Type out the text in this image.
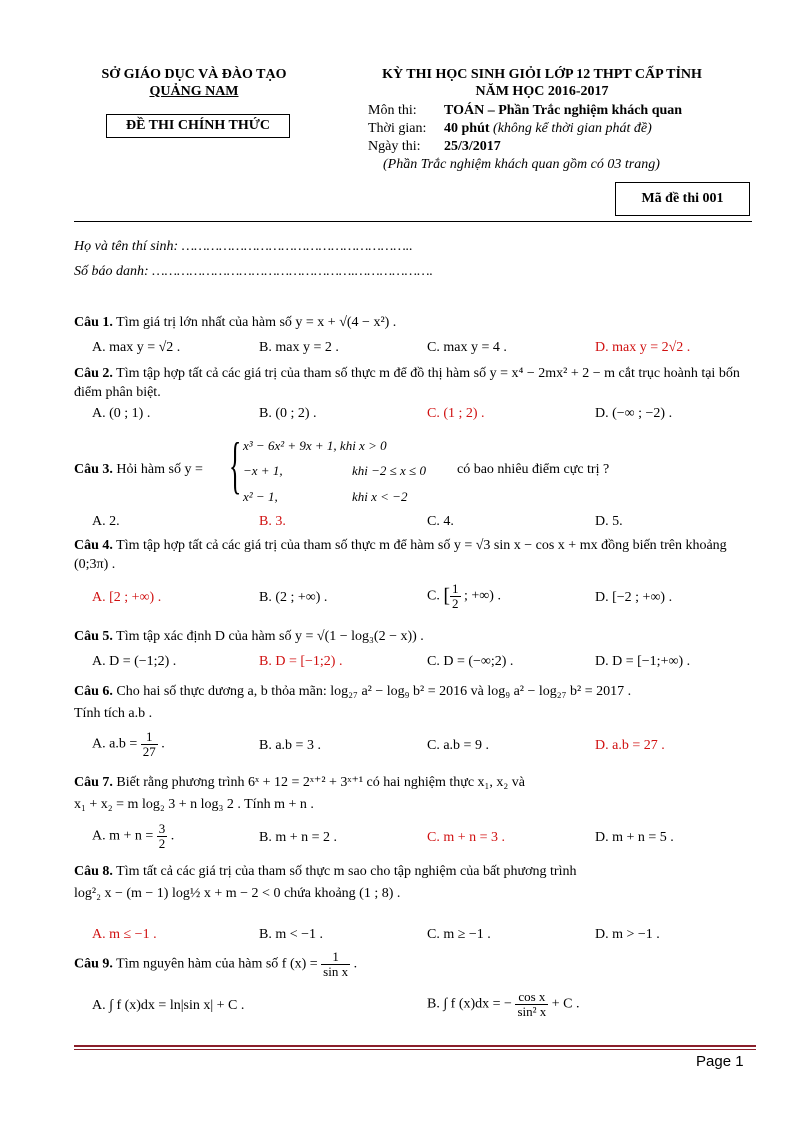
SỞ GIÁO DỤC VÀ ĐÀO TẠO
QUẢNG NAM
ĐỀ THI CHÍNH THỨC
KỲ THI HỌC SINH GIỎI LỚP 12 THPT CẤP TỈNH
NĂM HỌC 2016-2017
Môn thi: TOÁN – Phần Trắc nghiệm khách quan
Thời gian: 40 phút (không kể thời gian phát đề)
Ngày thi: 25/3/2017
(Phần Trắc nghiệm khách quan gồm có 03 trang)
Mã đề thi 001
Họ và tên thí sinh: ………………………………………………..
Số báo danh: ………………………………………….……………….
Câu 1. Tìm giá trị lớn nhất của hàm số y = x + √(4 − x²) .
A. max y = √2 .	B. max y = 2 .	C. max y = 4 .	D. max y = 2√2 .
Câu 2. Tìm tập hợp tất cả các giá trị của tham số thực m để đồ thị hàm số y = x⁴ − 2mx² + 2 − m cắt trục hoành tại bốn điểm phân biệt.
A. (0 ; 1) .	B. (0 ; 2) .	C. (1 ; 2) .	D. (−∞ ; −2) .
Câu 3. Hỏi hàm số y = { x³ − 6x² + 9x + 1, khi x > 0
−x + 1,	khi −2 ≤ x ≤ 0
x² − 1,	khi x < −2
có bao nhiêu điểm cực trị ?
A. 2.	B. 3.	C. 4.	D. 5.
Câu 4. Tìm tập hợp tất cả các giá trị của tham số thực m để hàm số y = √3 sin x − cos x + mx đồng biến trên khoảng (0;3π) .
A. [2 ; +∞) .	B. (2 ; +∞) .	C. [ $\frac{1}{2}$ ; +∞) .	D. [−2 ; +∞) .
Câu 5. Tìm tập xác định D của hàm số y = √(1 − log₃(2 − x)) .
A. D = (−1;2) .	B. D = [−1;2) .	C. D = (−∞;2) .	D. D = [−1;+∞) .
Câu 6. Cho hai số thực dương a, b thỏa mãn: log₂₇ a² − log₉ b² = 2016 và log₉ a² − log₂₇ b² = 2017 .
Tính tích a.b .
A. $a.b = \frac{1}{27}$ .	B. a.b = 3 .	C. a.b = 9 .	D. a.b = 27 .
Câu 7. Biết rằng phương trình 6ˣ + 12 = 2ˣ⁺² + 3ˣ⁺¹ có hai nghiệm thực x₁, x₂ và
x₁ + x₂ = m log₂ 3 + n log₃ 2 . Tính m + n .
A. $m + n = \frac{3}{2}$ .	B. m + n = 2 .	C. m + n = 3 .	D. m + n = 5 .
Câu 8. Tìm tất cả các giá trị của tham số thực m sao cho tập nghiệm của bất phương trình
log²₂ x − (m − 1) log½ x + m − 2 < 0 chứa khoảng (1 ; 8) .
A. m ≤ −1 .	B. m < −1 .	C. m ≥ −1 .	D. m > −1 .
Câu 9. Tìm nguyên hàm của hàm số f $(x) = \frac{1}{\text{sin x}}$ .
A. ∫ f (x)dx = ln|sin x| + C .	B. ∫ f (x)dx = − $\frac{\text{cos x}}{\text{sin² x}} + C$ .
Page 1
